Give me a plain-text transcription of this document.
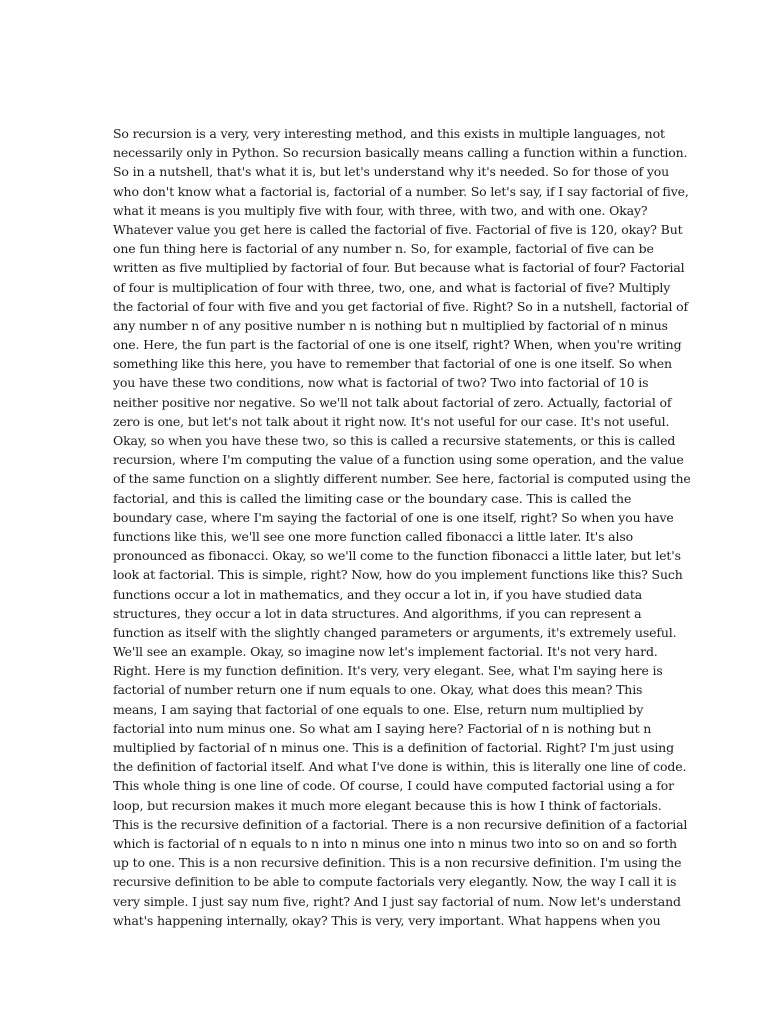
So recursion is a very, very interesting method, and this exists in multiple languages, not
necessarily only in Python. So recursion basically means calling a function within a function.
So in a nutshell, that's what it is, but let's understand why it's needed. So for those of you
who don't know what a factorial is, factorial of a number. So let's say, if I say factorial of five,
what it means is you multiply five with four, with three, with two, and with one. Okay?
Whatever value you get here is called the factorial of five. Factorial of five is 120, okay? But
one fun thing here is factorial of any number n. So, for example, factorial of five can be
written as five multiplied by factorial of four. But because what is factorial of four? Factorial
of four is multiplication of four with three, two, one, and what is factorial of five? Multiply
the factorial of four with five and you get factorial of five. Right? So in a nutshell, factorial of
any number n of any positive number n is nothing but n multiplied by factorial of n minus
one. Here, the fun part is the factorial of one is one itself, right? When, when you're writing
something like this here, you have to remember that factorial of one is one itself. So when
you have these two conditions, now what is factorial of two? Two into factorial of 10 is
neither positive nor negative. So we'll not talk about factorial of zero. Actually, factorial of
zero is one, but let's not talk about it right now. It's not useful for our case. It's not useful.
Okay, so when you have these two, so this is called a recursive statements, or this is called
recursion, where I'm computing the value of a function using some operation, and the value
of the same function on a slightly different number. See here, factorial is computed using the
factorial, and this is called the limiting case or the boundary case. This is called the
boundary case, where I'm saying the factorial of one is one itself, right? So when you have
functions like this, we'll see one more function called fibonacci a little later. It's also
pronounced as fibonacci. Okay, so we'll come to the function fibonacci a little later, but let's
look at factorial. This is simple, right? Now, how do you implement functions like this? Such
functions occur a lot in mathematics, and they occur a lot in, if you have studied data
structures, they occur a lot in data structures. And algorithms, if you can represent a
function as itself with the slightly changed parameters or arguments, it's extremely useful.
We'll see an example. Okay, so imagine now let's implement factorial. It's not very hard.
Right. Here is my function definition. It's very, very elegant. See, what I'm saying here is
factorial of number return one if num equals to one. Okay, what does this mean? This
means, I am saying that factorial of one equals to one. Else, return num multiplied by
factorial into num minus one. So what am I saying here? Factorial of n is nothing but n
multiplied by factorial of n minus one. This is a definition of factorial. Right? I'm just using
the definition of factorial itself. And what I've done is within, this is literally one line of code.
This whole thing is one line of code. Of course, I could have computed factorial using a for
loop, but recursion makes it much more elegant because this is how I think of factorials.
This is the recursive definition of a factorial. There is a non recursive definition of a factorial
which is factorial of n equals to n into n minus one into n minus two into so on and so forth
up to one. This is a non recursive definition. This is a non recursive definition. I'm using the
recursive definition to be able to compute factorials very elegantly. Now, the way I call it is
very simple. I just say num five, right? And I just say factorial of num. Now let's understand
what's happening internally, okay? This is very, very important. What happens when you
